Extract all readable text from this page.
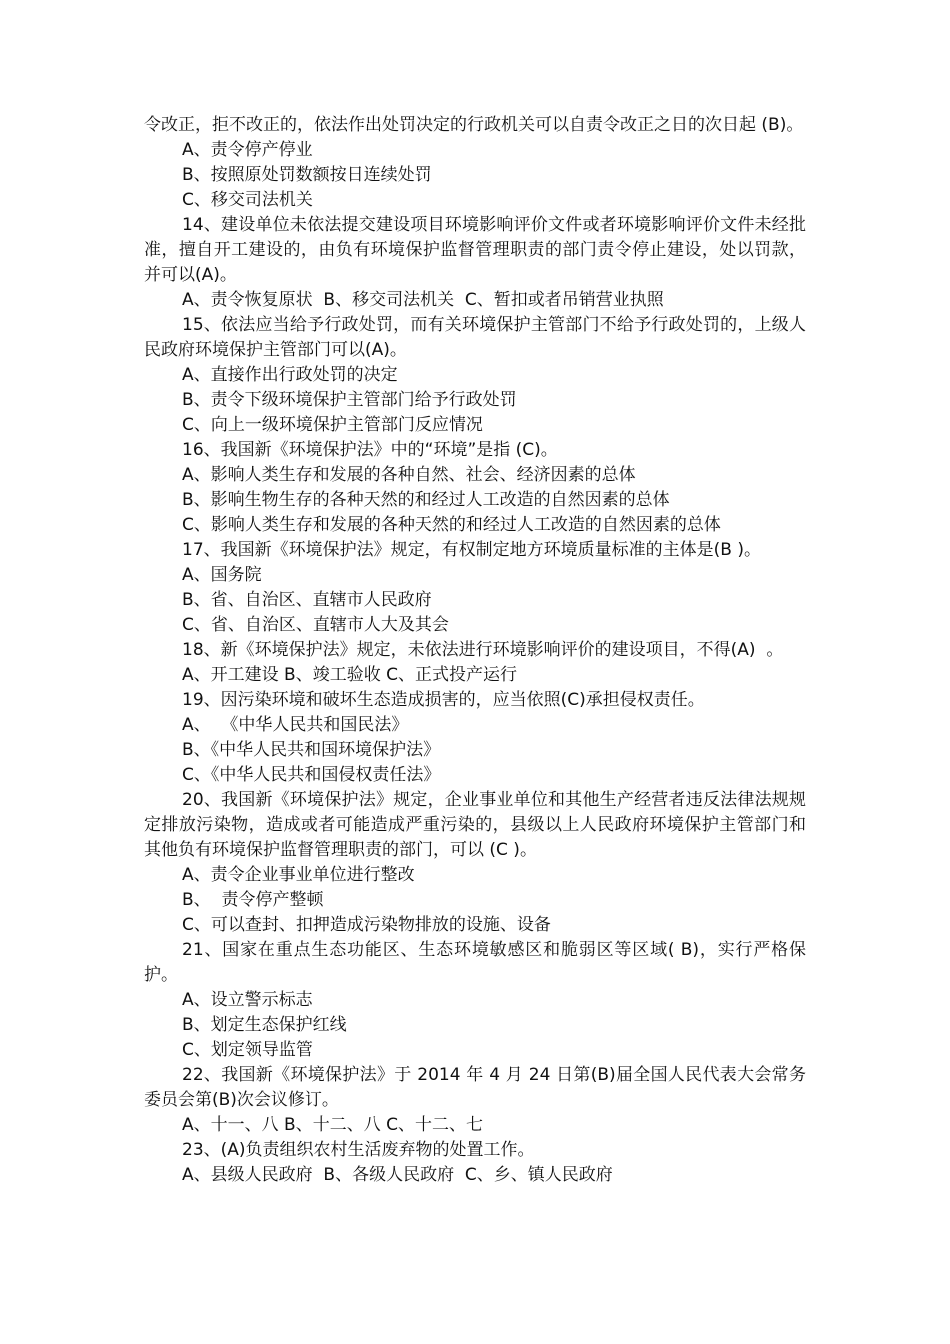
令改正，拒不改正的，依法作出处罚决定的行政机关可以自责令改正之日的次日起 (B)。

A、责令停产停业

B、按照原处罚数额按日连续处罚

C、移交司法机关

14、建设单位未依法提交建设项目环境影响评价文件或者环境影响评价文件未经批准，擅自开工建设的，由负有环境保护监督管理职责的部门责令停止建设，处以罚款，并可以(A)。

A、责令恢复原状  B、移交司法机关  C、暂扣或者吊销营业执照

15、依法应当给予行政处罚，而有关环境保护主管部门不给予行政处罚的，上级人民政府环境保护主管部门可以(A)。

A、直接作出行政处罚的决定

B、责令下级环境保护主管部门给予行政处罚

C、向上一级环境保护主管部门反应情况

16、我国新《环境保护法》中的“环境”是指 (C)。

A、影响人类生存和发展的各种自然、社会、经济因素的总体

B、影响生物生存的各种天然的和经过人工改造的自然因素的总体

C、影响人类生存和发展的各种天然的和经过人工改造的自然因素的总体

17、我国新《环境保护法》规定，有权制定地方环境质量标准的主体是(B )。

A、国务院

B、省、自治区、直辖市人民政府

C、省、自治区、直辖市人大及其会

18、新《环境保护法》规定，未依法进行环境影响评价的建设项目，不得(A)  。

A、开工建设 B、竣工验收 C、正式投产运行

19、因污染环境和破坏生态造成损害的，应当依照(C)承担侵权责任。

A、  《中华人民共和国民法》

B、《中华人民共和国环境保护法》

C、《中华人民共和国侵权责任法》

20、我国新《环境保护法》规定，企业事业单位和其他生产经营者违反法律法规规定排放污染物，造成或者可能造成严重污染的，县级以上人民政府环境保护主管部门和其他负有环境保护监督管理职责的部门，可以 (C )。

A、责令企业事业单位进行整改

B、  责令停产整顿

C、可以查封、扣押造成污染物排放的设施、设备

21、国家在重点生态功能区、生态环境敏感区和脆弱区等区域( B)，实行严格保护。

A、设立警示标志

B、划定生态保护红线

C、划定领导监管

22、我国新《环境保护法》于 2014 年 4 月 24 日第(B)届全国人民代表大会常务委员会第(B)次会议修订。

A、十一、八 B、十二、八 C、十二、七

23、(A)负责组织农村生活废弃物的处置工作。

A、县级人民政府  B、各级人民政府  C、乡、镇人民政府
